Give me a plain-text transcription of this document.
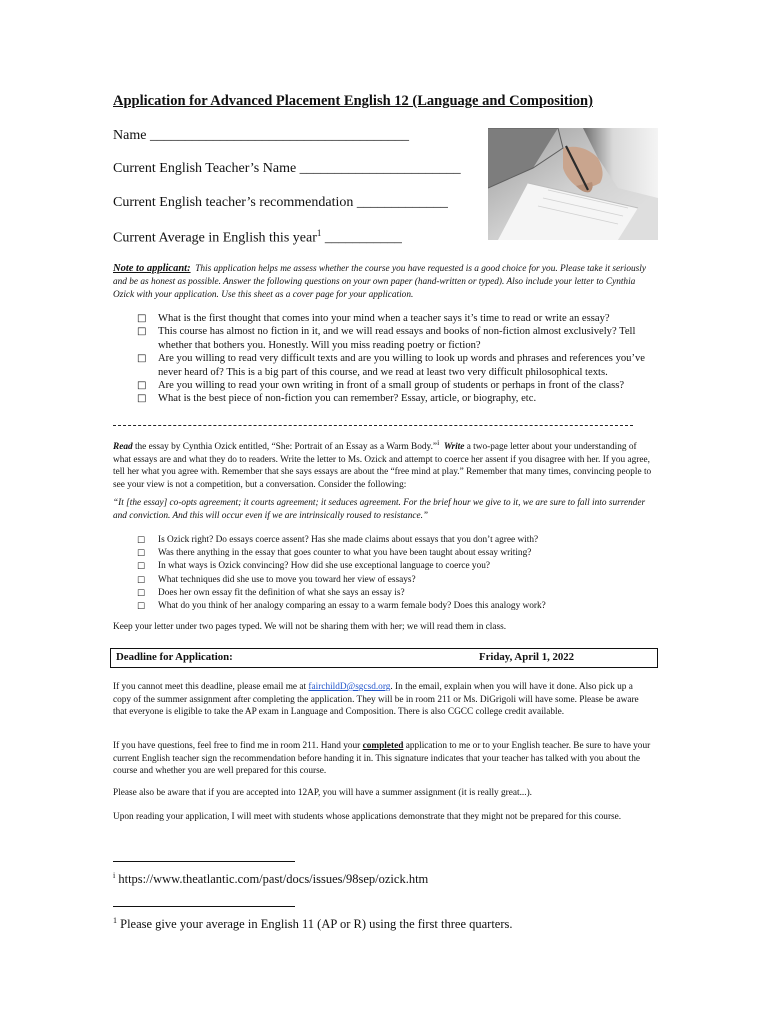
Application for Advanced Placement English 12 (Language and Composition)
Name _____________________________________
Current English Teacher’s Name _______________________
Current English teacher’s recommendation _____________
Current Average in English this year$^1$ ___________
Note to applicant: This application helps me assess whether the course you have requested is a good choice for you. Please take it seriously and be as honest as possible. Answer the following questions on your own paper (hand-written or typed). Also include your letter to Cynthia Ozick with your application. Use this sheet as a cover page for your application.
□	What is the first thought that comes into your mind when a teacher says it’s time to read or write an essay?
□	This course has almost no fiction in it, and we will read essays and books of non-fiction almost exclusively? Tell whether that bothers you. Honestly. Will you miss reading poetry or fiction?
□	Are you willing to read very difficult texts and are you willing to look up words and phrases and references you’ve never heard of? This is a big part of this course, and we read at least two very difficult philosophical texts.
□	Are you willing to read your own writing in front of a small group of students or perhaps in front of the class?
□	What is the best piece of non-fiction you can remember? Essay, article, or biography, etc.
Read the essay by Cynthia Ozick entitled, “She: Portrait of an Essay as a Warm Body.”$^i$ Write a two-page letter about your understanding of what essays are and what they do to readers. Write the letter to Ms. Ozick and attempt to coerce her assent if you disagree with her. If you agree, tell her what you agree with. Remember that she says essays are about the “free mind at play.” Remember that many times, convincing people to see your view is not a competition, but a conversation. Consider the following:
“It [the essay] co-opts agreement; it courts agreement; it seduces agreement. For the brief hour we give to it, we are sure to fall into surrender and conviction. And this will occur even if we are intrinsically roused to resistance.”
□	Is Ozick right? Do essays coerce assent? Has she made claims about essays that you don’t agree with?
□	Was there anything in the essay that goes counter to what you have been taught about essay writing?
□	In what ways is Ozick convincing? How did she use exceptional language to coerce you?
□	What techniques did she use to move you toward her view of essays?
□	Does her own essay fit the definition of what she says an essay is?
□	What do you think of her analogy comparing an essay to a warm female body? Does this analogy work?
Keep your letter under two pages typed. We will not be sharing them with her; we will read them in class.
Deadline for Application:	Friday, April 1, 2022
If you cannot meet this deadline, please email me at fairchildD@sgcsd.org. In the email, explain when you will have it done. Also pick up a copy of the summer assignment after completing the application. They will be in room 211 or Ms. DiGrigoli will have some. Please be aware that everyone is eligible to take the AP exam in Language and Composition. There is also CGCC college credit available.
If you have questions, feel free to find me in room 211. Hand your completed application to me or to your English teacher. Be sure to have your current English teacher sign the recommendation before handing it in. This signature indicates that your teacher has talked with you about the course and whether you are well prepared for this course.
Please also be aware that if you are accepted into 12AP, you will have a summer assignment (it is really great...).
Upon reading your application, I will meet with students whose applications demonstrate that they might not be prepared for this course.
$^i$ https://www.theatlantic.com/past/docs/issues/98sep/ozick.htm
$^1$ Please give your average in English 11 (AP or R) using the first three quarters.
